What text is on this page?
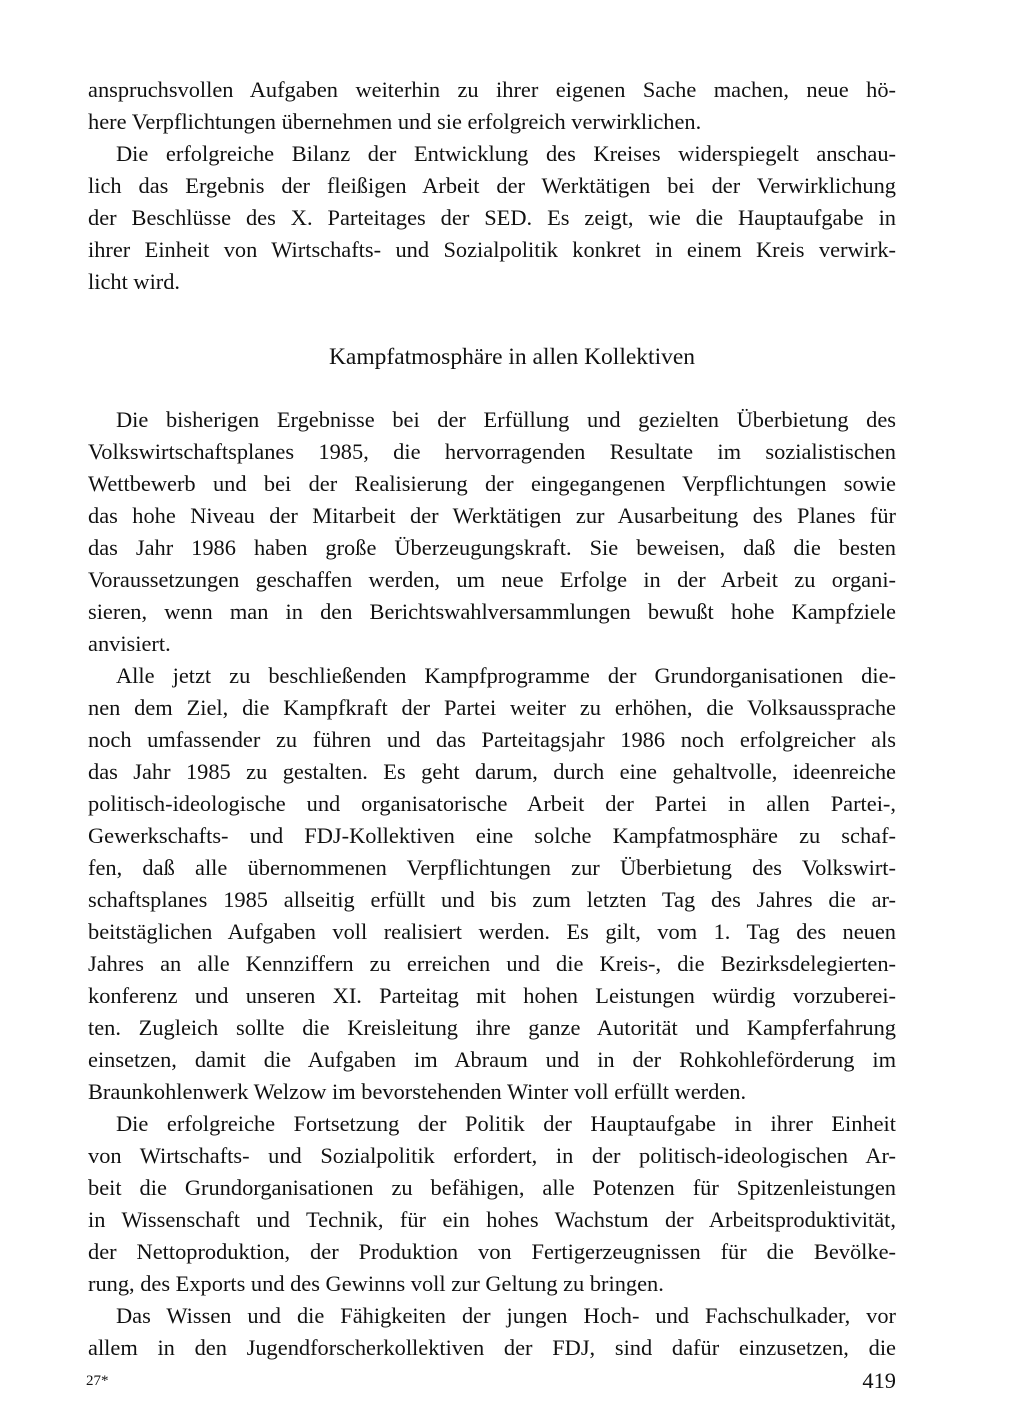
anspruchsvollen Aufgaben weiterhin zu ihrer eigenen Sache machen, neue hö-
here Verpflichtungen übernehmen und sie erfolgreich verwirklichen.
Die erfolgreiche Bilanz der Entwicklung des Kreises widerspiegelt anschau-
lich das Ergebnis der fleißigen Arbeit der Werktätigen bei der Verwirklichung
der Beschlüsse des X. Parteitages der SED. Es zeigt, wie die Hauptaufgabe in
ihrer Einheit von Wirtschafts- und Sozialpolitik konkret in einem Kreis verwirk-
licht wird.
Kampfatmosphäre in allen Kollektiven
Die bisherigen Ergebnisse bei der Erfüllung und gezielten Überbietung des
Volkswirtschaftsplanes 1985, die hervorragenden Resultate im sozialistischen
Wettbewerb und bei der Realisierung der eingegangenen Verpflichtungen sowie
das hohe Niveau der Mitarbeit der Werktätigen zur Ausarbeitung des Planes für
das Jahr 1986 haben große Überzeugungskraft. Sie beweisen, daß die besten
Voraussetzungen geschaffen werden, um neue Erfolge in der Arbeit zu organi-
sieren, wenn man in den Berichtswahlversammlungen bewußt hohe Kampfziele
anvisiert.
Alle jetzt zu beschließenden Kampfprogramme der Grundorganisationen die-
nen dem Ziel, die Kampfkraft der Partei weiter zu erhöhen, die Volksaussprache
noch umfassender zu führen und das Parteitagsjahr 1986 noch erfolgreicher als
das Jahr 1985 zu gestalten. Es geht darum, durch eine gehaltvolle, ideenreiche
politisch-ideologische und organisatorische Arbeit der Partei in allen Partei-,
Gewerkschafts- und FDJ-Kollektiven eine solche Kampfatmosphäre zu schaf-
fen, daß alle übernommenen Verpflichtungen zur Überbietung des Volkswirt-
schaftsplanes 1985 allseitig erfüllt und bis zum letzten Tag des Jahres die ar-
beitstäglichen Aufgaben voll realisiert werden. Es gilt, vom 1. Tag des neuen
Jahres an alle Kennziffern zu erreichen und die Kreis-, die Bezirksdelegierten-
konferenz und unseren XI. Parteitag mit hohen Leistungen würdig vorzuberei-
ten. Zugleich sollte die Kreisleitung ihre ganze Autorität und Kampferfahrung
einsetzen, damit die Aufgaben im Abraum und in der Rohkohleförderung im
Braunkohlenwerk Welzow im bevorstehenden Winter voll erfüllt werden.
Die erfolgreiche Fortsetzung der Politik der Hauptaufgabe in ihrer Einheit
von Wirtschafts- und Sozialpolitik erfordert, in der politisch-ideologischen Ar-
beit die Grundorganisationen zu befähigen, alle Potenzen für Spitzenleistungen
in Wissenschaft und Technik, für ein hohes Wachstum der Arbeitsproduktivität,
der Nettoproduktion, der Produktion von Fertigerzeugnissen für die Bevölke-
rung, des Exports und des Gewinns voll zur Geltung zu bringen.
Das Wissen und die Fähigkeiten der jungen Hoch- und Fachschulkader, vor
allem in den Jugendforscherkollektiven der FDJ, sind dafür einzusetzen, die
27*	419
